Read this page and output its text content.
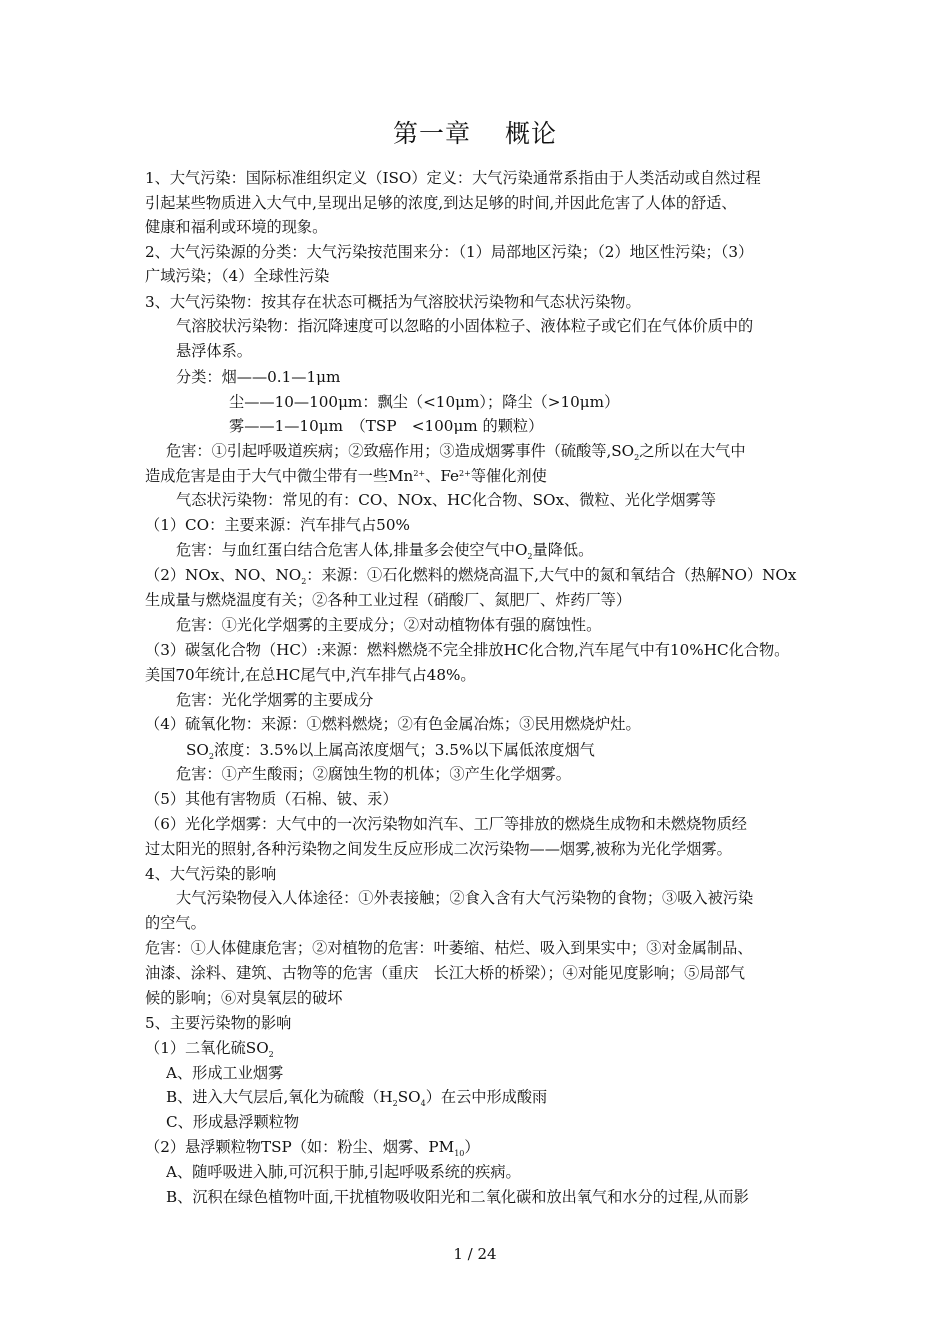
第一章 概论
1、大气污染：国际标准组织定义（ISO）定义：大气污染通常系指由于人类活动或自然过程
引起某些物质进入大气中,呈现出足够的浓度,到达足够的时间,并因此危害了人体的舒适、
健康和福利或环境的现象。
2、大气污染源的分类：大气污染按范围来分：（1）局部地区污染；（2）地区性污染；（3）
广域污染；（4）全球性污染
3、大气污染物：按其存在状态可概括为气溶胶状污染物和气态状污染物。
气溶胶状污染物：指沉降速度可以忽略的小固体粒子、液体粒子或它们在气体价质中的
悬浮体系。
分类：烟——0.1—1μm
尘——10—100μm：飘尘（<10μm）；降尘（>10μm）
雾——1—10μm　（TSP　<100μm 的颗粒）
危害：①引起呼吸道疾病；②致癌作用；③造成烟雾事件（硫酸等$,SO_2$之所以在大气中
造成危害是由于大气中微尘带有一些$Mn^{2+}$、$Fe^{2+}$等催化剂使
气态状污染物：常见的有：CO、NOx、HC化合物、SOx、微粒、光化学烟雾等
（1）CO：主要来源：汽车排气占50%
危害：与血红蛋白结合危害人体,排量多会使空气中$O_2$量降低。
（2）NOx、NO、$NO_2$：来源：①石化燃料的燃烧高温下,大气中的氮和氧结合（热解NO）NOx
生成量与燃烧温度有关；②各种工业过程（硝酸厂、氮肥厂、炸药厂等）
危害：①光化学烟雾的主要成分；②对动植物体有强的腐蚀性。
（3）碳氢化合物（HC）:来源：燃料燃烧不完全排放HC化合物,汽车尾气中有10%HC化合物。
美国70年统计,在总HC尾气中,汽车排气占48%。
危害：光化学烟雾的主要成分
（4）硫氧化物：来源：①燃料燃烧；②有色金属冶炼；③民用燃烧炉灶。
$SO_2$浓度：3.5%以上属高浓度烟气；3.5%以下属低浓度烟气
危害：①产生酸雨；②腐蚀生物的机体；③产生化学烟雾。
（5）其他有害物质（石棉、铍、汞）
（6）光化学烟雾：大气中的一次污染物如汽车、工厂等排放的燃烧生成物和未燃烧物质经
过太阳光的照射,各种污染物之间发生反应形成二次污染物——烟雾,被称为光化学烟雾。
4、大气污染的影响
大气污染物侵入人体途径：①外表接触；②食入含有大气污染物的食物；③吸入被污染
的空气。
危害：①人体健康危害；②对植物的危害：叶萎缩、枯烂、吸入到果实中；③对金属制品、
油漆、涂料、建筑、古物等的危害（重庆　长江大桥的桥梁）；④对能见度影响；⑤局部气
候的影响；⑥对臭氧层的破坏
5、主要污染物的影响
（1）二氧化硫$SO_2$
A、形成工业烟雾
B、进入大气层后,氧化为硫酸$(H_2SO_4)$在云中形成酸雨
C、形成悬浮颗粒物
（2）悬浮颗粒物TSP（如：粉尘、烟雾、$PM_{10}$）
A、随呼吸进入肺,可沉积于肺,引起呼吸系统的疾病。
B、沉积在绿色植物叶面,干扰植物吸收阳光和二氧化碳和放出氧气和水分的过程,从而影
1 / 24
